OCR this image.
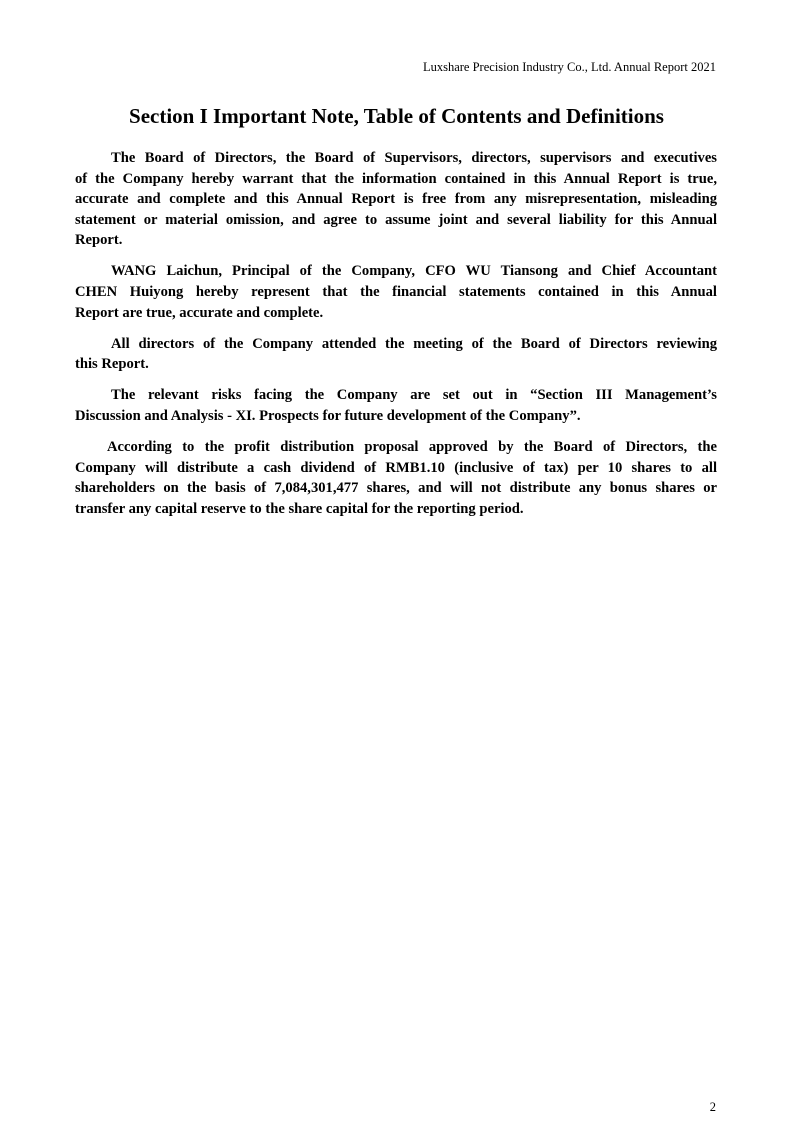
Luxshare Precision Industry Co., Ltd. Annual Report 2021
Section I Important Note, Table of Contents and Definitions
The Board of Directors, the Board of Supervisors, directors, supervisors and executives
of the Company hereby warrant that the information contained in this Annual Report is true,
accurate and complete and this Annual Report is free from any misrepresentation, misleading
statement or material omission, and agree to assume joint and several liability for this Annual
Report.
WANG Laichun, Principal of the Company, CFO WU Tiansong and Chief Accountant
CHEN Huiyong hereby represent that the financial statements contained in this Annual
Report are true, accurate and complete.
All directors of the Company attended the meeting of the Board of Directors reviewing
this Report.
The relevant risks facing the Company are set out in “Section III Management’s
Discussion and Analysis - XI. Prospects for future development of the Company”.
According to the profit distribution proposal approved by the Board of Directors, the
Company will distribute a cash dividend of RMB1.10 (inclusive of tax) per 10 shares to all
shareholders on the basis of 7,084,301,477 shares, and will not distribute any bonus shares or
transfer any capital reserve to the share capital for the reporting period.
2
